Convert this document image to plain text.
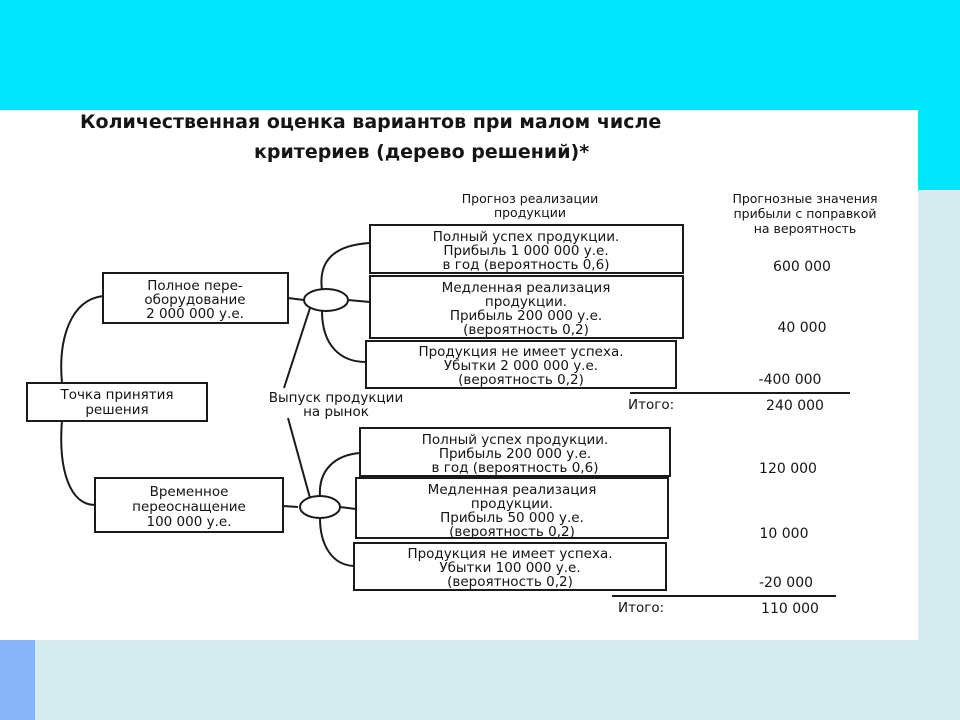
Количественная оценка вариантов при малом числе
критериев (дерево решений)*
Прогноз реализации
продукции
Прогнозные значения
прибыли с поправкой
на вероятность
Точка принятия
решения
Полное пере-
оборудование
2 000 000 у.е.
Временное
переоснащение
100 000 у.е.
Выпуск продукции
на рынок
Полный успех продукции.
Прибыль 1 000 000 у.е.
в год (вероятность 0,6)
Медленная реализация
продукции.
Прибыль 200 000 у.е.
(вероятность 0,2)
Продукция не имеет успеха.
Убытки 2 000 000 у.е.
(вероятность 0,2)
600 000
40 000
-400 000
Итого:	240 000
Полный успех продукции.
Прибыль 200 000 у.е.
в год (вероятность 0,6)
Медленная реализация
продукции.
Прибыль 50 000 у.е.
(вероятность 0,2)
Продукция не имеет успеха.
Убытки 100 000 у.е.
(вероятность 0,2)
120 000
10 000
-20 000
Итого:	110 000
